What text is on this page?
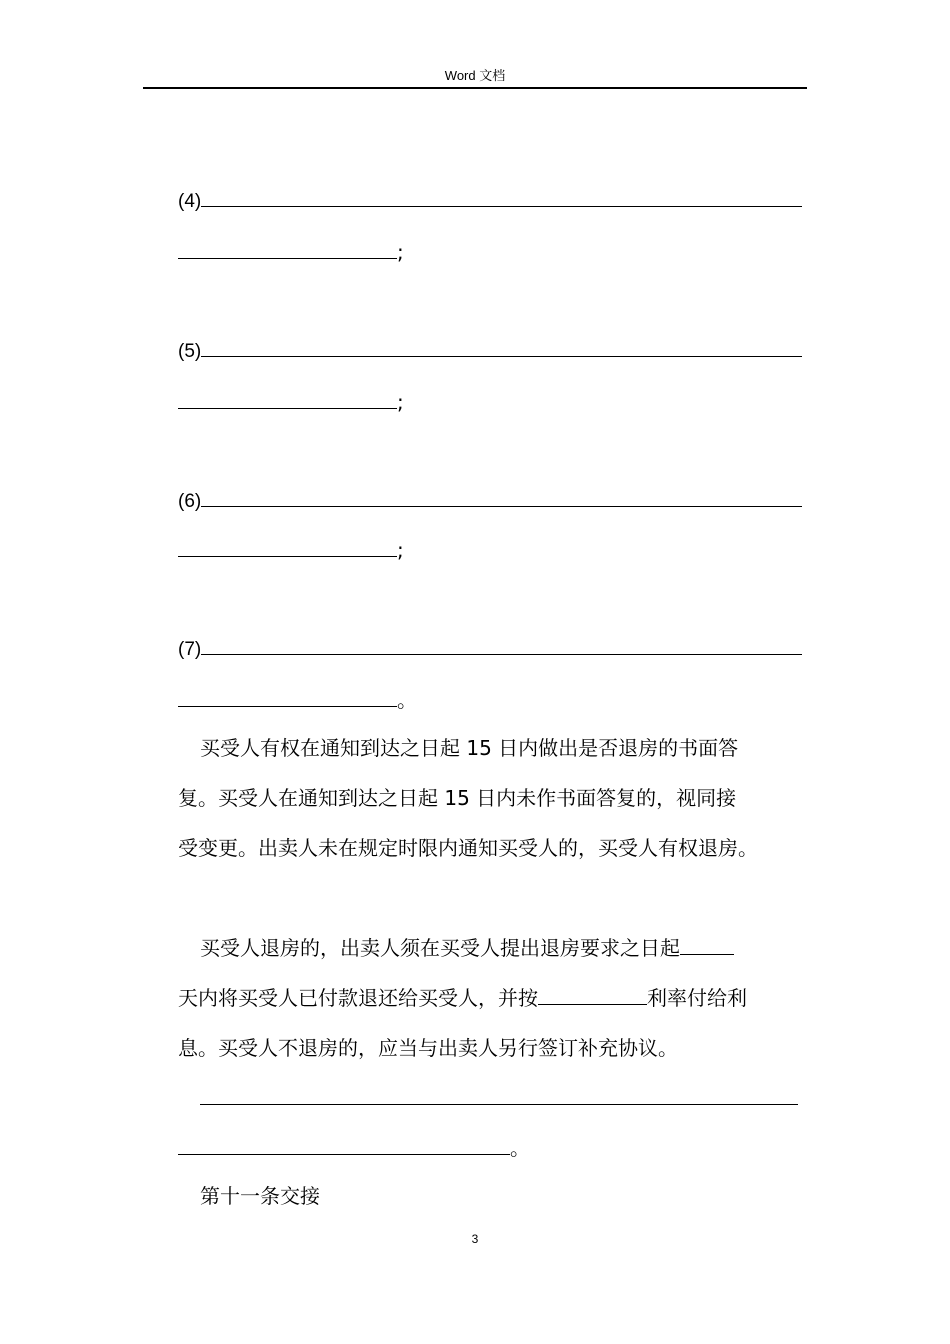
Word 文档
(4)
;
(5)
;
(6)
;
(7)
。
买受人有权在通知到达之日起 15 日内做出是否退房的书面答
复。买受人在通知到达之日起 15 日内未作书面答复的，视同接
受变更。出卖人未在规定时限内通知买受人的，买受人有权退房。
买受人退房的，出卖人须在买受人提出退房要求之日起
天内将买受人已付款退还给买受人，并按	利率付给利
息。买受人不退房的，应当与出卖人另行签订补充协议。
。
第十一条交接
3
